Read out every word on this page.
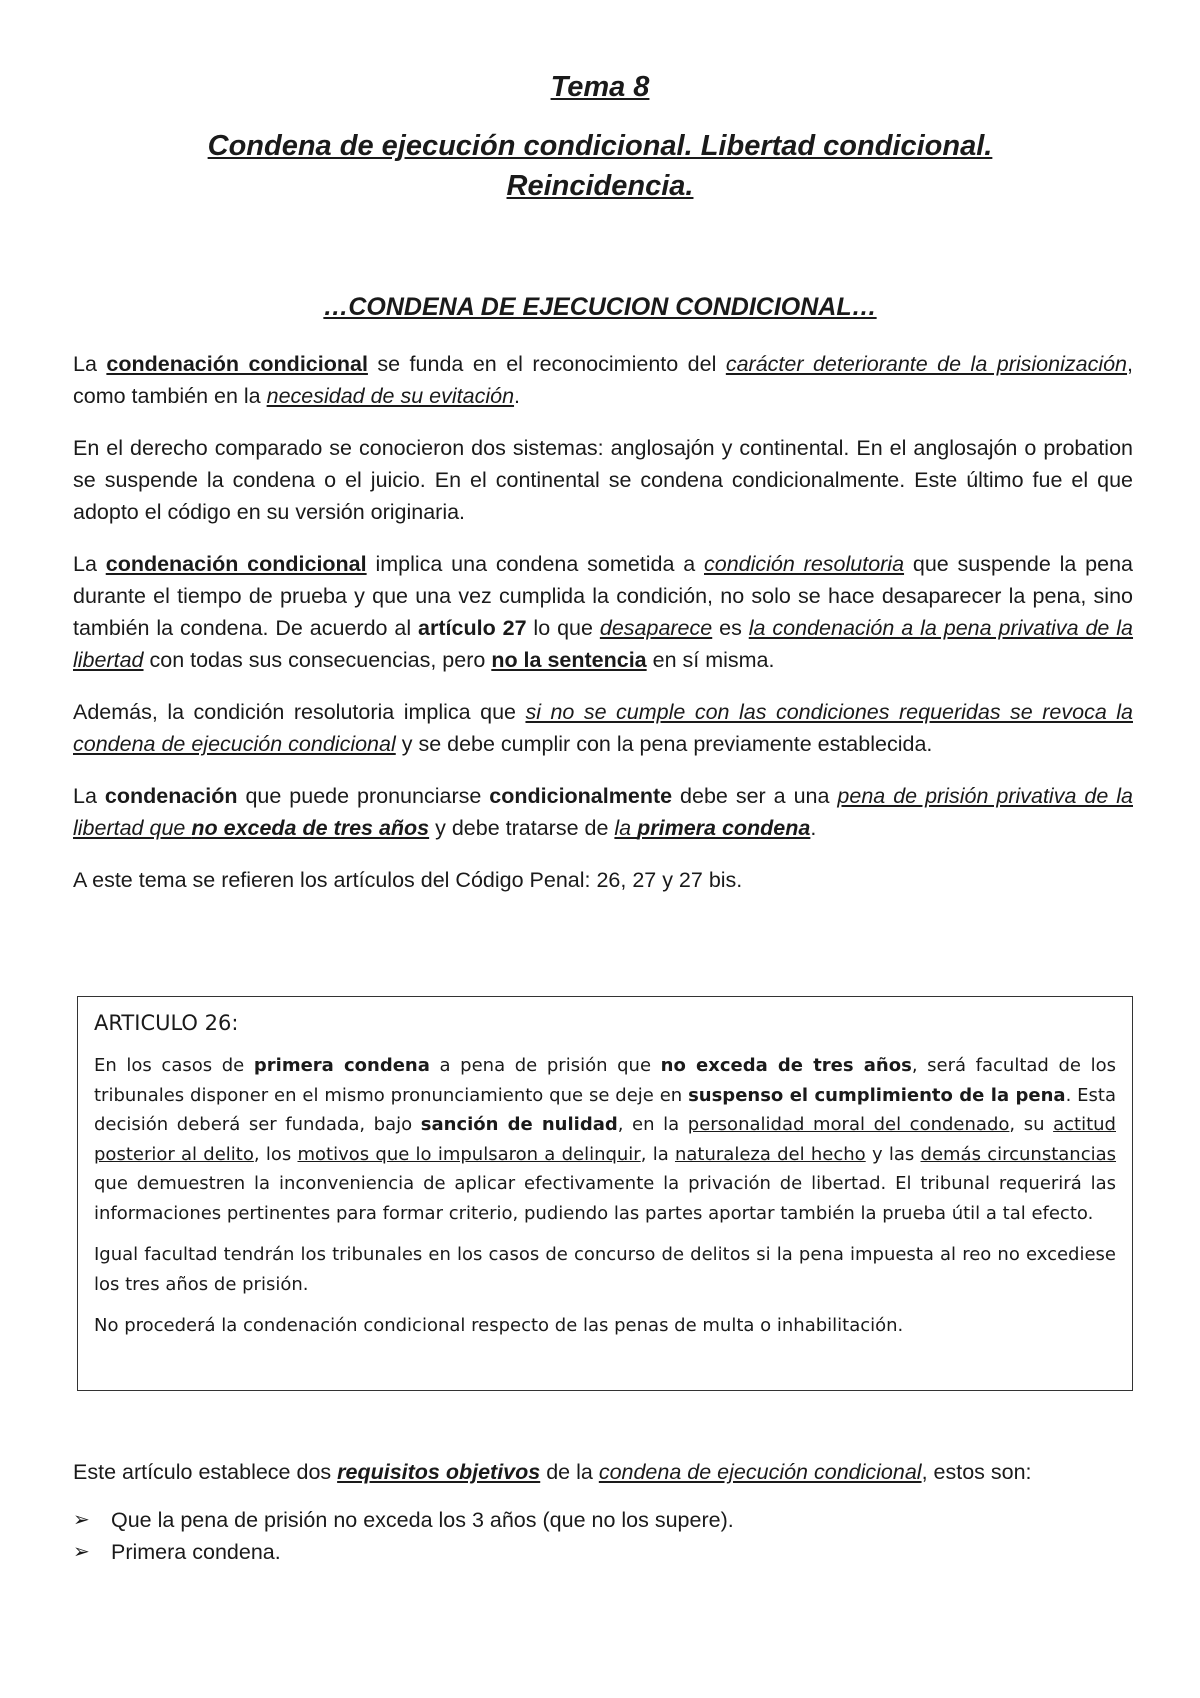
Tema 8
Condena de ejecución condicional. Libertad condicional.
Reincidencia.
…CONDENA DE EJECUCION CONDICIONAL…

La condenación condicional se funda en el reconocimiento del carácter deteriorante de la prisionización, como también en la necesidad de su evitación.

En el derecho comparado se conocieron dos sistemas: anglosajón y continental. En el anglosajón o probation se suspende la condena o el juicio. En el continental se condena condicionalmente. Este último fue el que adopto el código en su versión originaria.

La condenación condicional implica una condena sometida a condición resolutoria que suspende la pena durante el tiempo de prueba y que una vez cumplida la condición, no solo se hace desaparecer la pena, sino también la condena. De acuerdo al artículo 27 lo que desaparece es la condenación a la pena privativa de la libertad con todas sus consecuencias, pero no la sentencia en sí misma.

Además, la condición resolutoria implica que si no se cumple con las condiciones requeridas se revoca la condena de ejecución condicional y se debe cumplir con la pena previamente establecida.

La condenación que puede pronunciarse condicionalmente debe ser a una pena de prisión privativa de la libertad que no exceda de tres años y debe tratarse de la primera condena.

A este tema se refieren los artículos del Código Penal: 26, 27 y 27 bis.

ARTICULO 26:

En los casos de primera condena a pena de prisión que no exceda de tres años, será facultad de los tribunales disponer en el mismo pronunciamiento que se deje en suspenso el cumplimiento de la pena. Esta decisión deberá ser fundada, bajo sanción de nulidad, en la personalidad moral del condenado, su actitud posterior al delito, los motivos que lo impulsaron a delinquir, la naturaleza del hecho y las demás circunstancias que demuestren la inconveniencia de aplicar efectivamente la privación de libertad. El tribunal requerirá las informaciones pertinentes para formar criterio, pudiendo las partes aportar también la prueba útil a tal efecto.

Igual facultad tendrán los tribunales en los casos de concurso de delitos si la pena impuesta al reo no excediese los tres años de prisión.

No procederá la condenación condicional respecto de las penas de multa o inhabilitación.

Este artículo establece dos requisitos objetivos de la condena de ejecución condicional, estos son:

➢ Que la pena de prisión no exceda los 3 años (que no los supere).
➢ Primera condena.
